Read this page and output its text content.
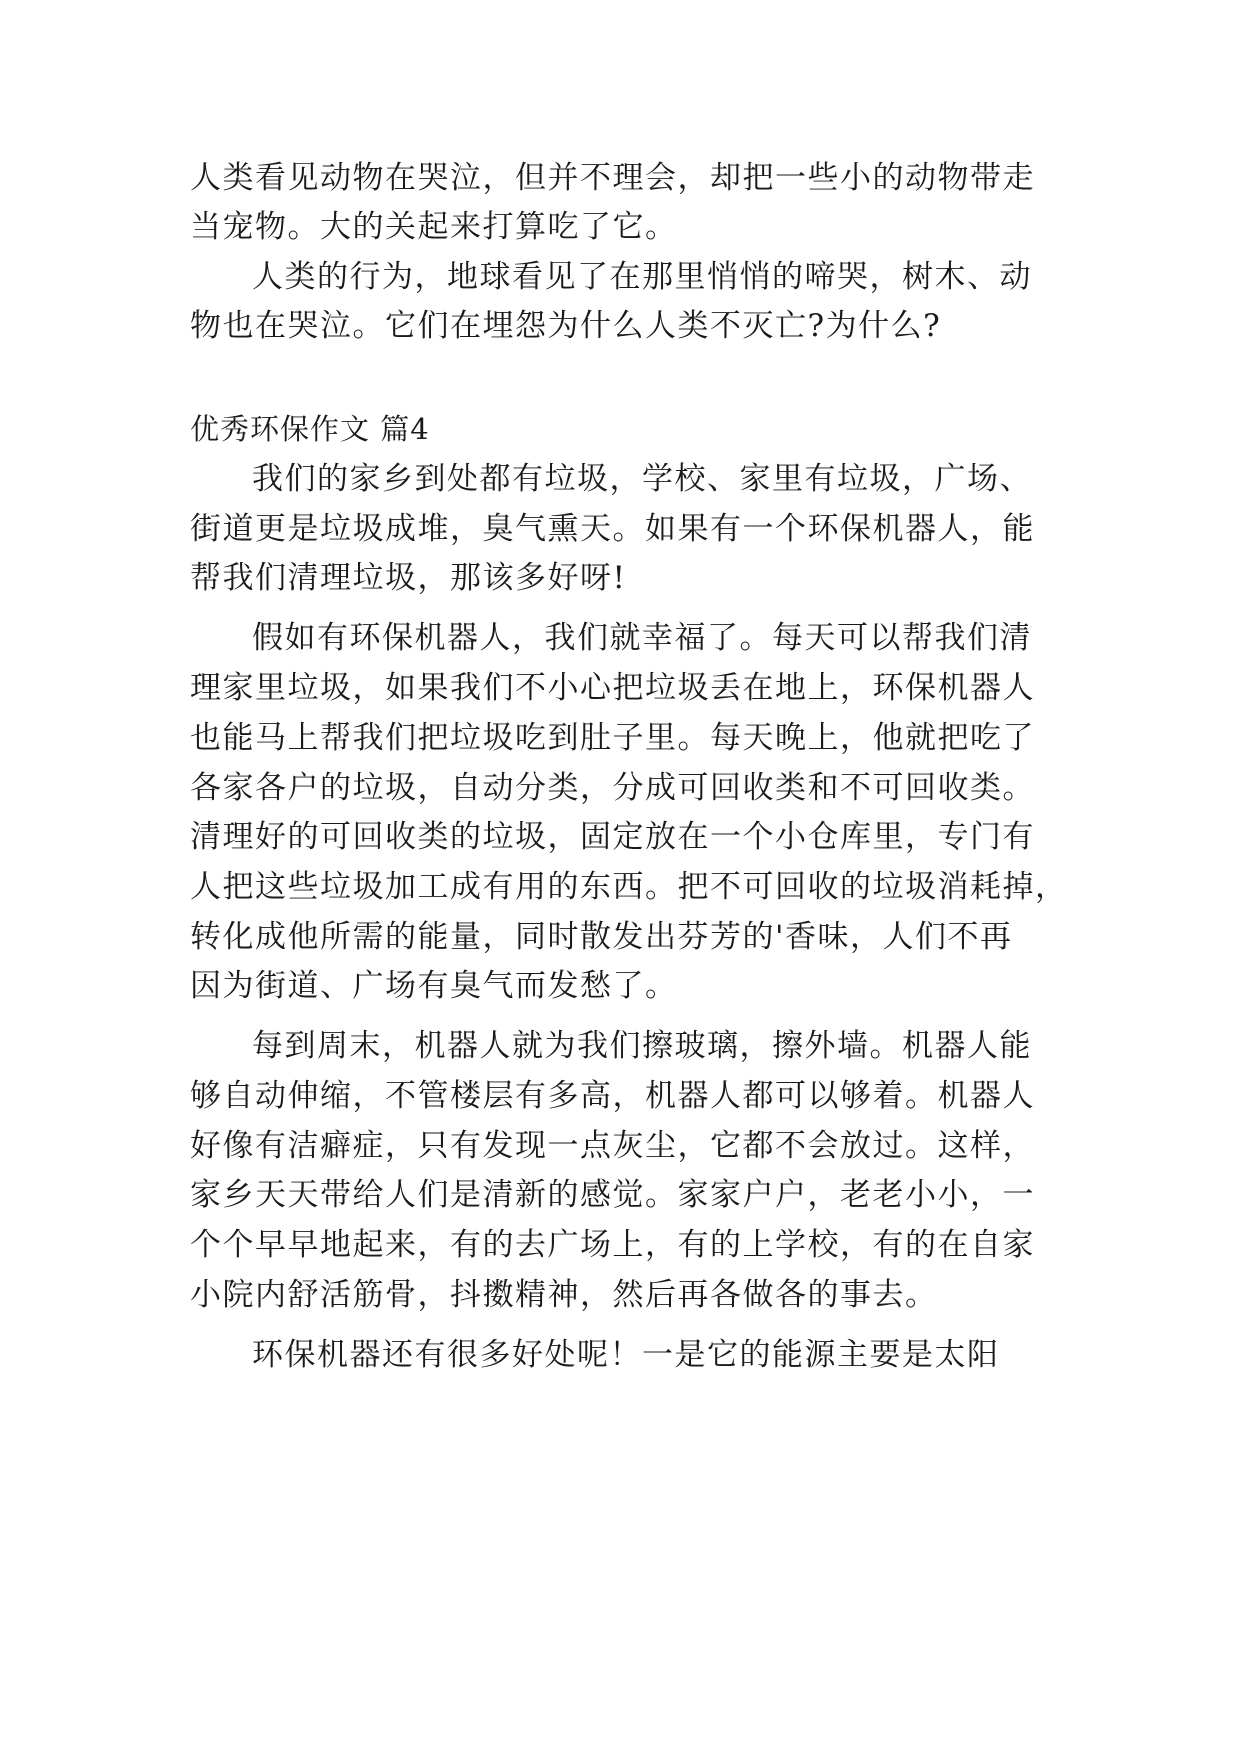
人类看见动物在哭泣，但并不理会，却把一些小的动物带走
当宠物。大的关起来打算吃了它。
人类的行为，地球看见了在那里悄悄的啼哭，树木、动
物也在哭泣。它们在埋怨为什么人类不灭亡?为什么?
优秀环保作文 篇4
我们的家乡到处都有垃圾，学校、家里有垃圾，广场、
街道更是垃圾成堆，臭气熏天。如果有一个环保机器人，能
帮我们清理垃圾，那该多好呀!
假如有环保机器人，我们就幸福了。每天可以帮我们清
理家里垃圾，如果我们不小心把垃圾丢在地上，环保机器人
也能马上帮我们把垃圾吃到肚子里。每天晚上，他就把吃了
各家各户的垃圾，自动分类，分成可回收类和不可回收类。
清理好的可回收类的垃圾，固定放在一个小仓库里，专门有
人把这些垃圾加工成有用的东西。把不可回收的垃圾消耗掉，
转化成他所需的能量，同时散发出芬芳的'香味，人们不再
因为街道、广场有臭气而发愁了。
每到周末，机器人就为我们擦玻璃，擦外墙。机器人能
够自动伸缩，不管楼层有多高，机器人都可以够着。机器人
好像有洁癖症，只有发现一点灰尘，它都不会放过。这样，
家乡天天带给人们是清新的感觉。家家户户，老老小小，一
个个早早地起来，有的去广场上，有的上学校，有的在自家
小院内舒活筋骨，抖擞精神，然后再各做各的事去。
环保机器还有很多好处呢！一是它的能源主要是太阳
